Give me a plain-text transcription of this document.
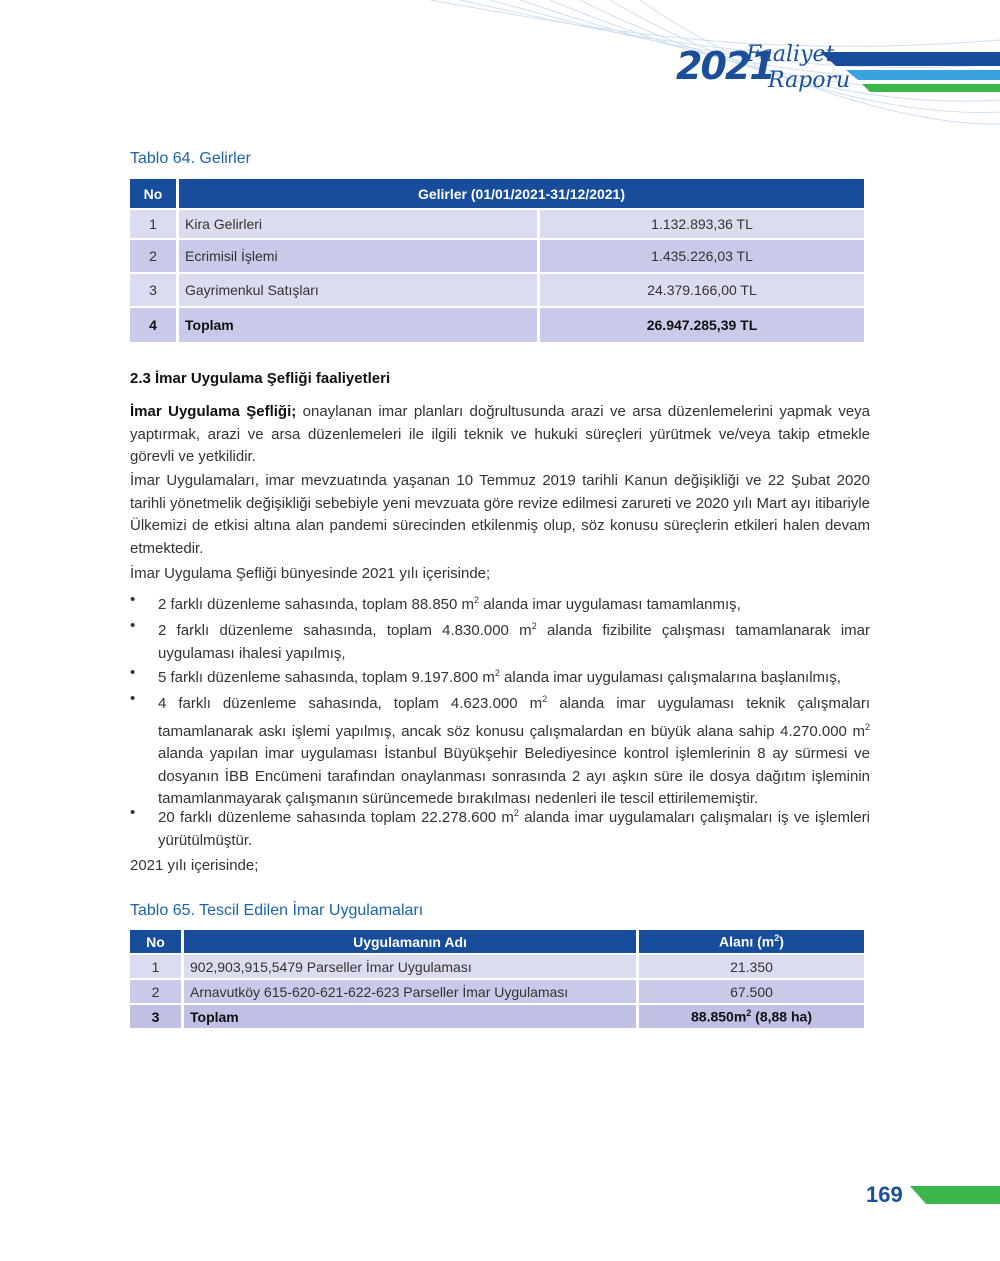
2021
Faaliyet
Raporu
Tablo 64. Gelirler
No	Gelirler (01/01/2021-31/12/2021)	
1	Kira Gelirleri	1.132.893,36 TL
2	Ecrimisil İşlemi	1.435.226,03 TL
3	Gayrimenkul Satışları	24.379.166,00 TL
4	Toplam	26.947.285,39 TL
2.3 İmar Uygulama Şefliği faaliyetleri
İmar Uygulama Şefliği; onaylanan imar planları doğrultusunda arazi ve arsa düzenlemelerini yapmak veya yaptırmak, arazi ve arsa düzenlemeleri ile ilgili teknik ve hukuki süreçleri yürütmek ve/veya takip etmekle görevli ve yetkilidir.
İmar Uygulamaları, imar mevzuatında yaşanan 10 Temmuz 2019 tarihli Kanun değişikliği ve 22 Şubat 2020 tarihli yönetmelik değişikliği sebebiyle yeni mevzuata göre revize edilmesi zarureti ve 2020 yılı Mart ayı itibariyle Ülkemizi de etkisi altına alan pandemi sürecinden etkilenmiş olup, söz konusu süreçlerin etkileri halen devam etmektedir.
İmar Uygulama Şefliği bünyesinde 2021 yılı içerisinde;
• 2 farklı düzenleme sahasında, toplam 88.850 $m^2$ alanda imar uygulaması tamamlanmış,
• 2 farklı düzenleme sahasında, toplam 4.830.000 $m^2$ alanda fizibilite çalışması tamamlanarak imar uygulaması ihalesi yapılmış,
• 5 farklı düzenleme sahasında, toplam 9.197.800 $m^2$ alanda imar uygulaması çalışmalarına başlanılmış,
• 4 farklı düzenleme sahasında, toplam 4.623.000 $m^2$ alanda imar uygulaması teknik çalışmaları tamamlanarak askı işlemi yapılmış, ancak söz konusu çalışmalardan en büyük alana sahip 4.270.000 $m^2$ alanda yapılan imar uygulaması İstanbul Büyükşehir Belediyesince kontrol işlemlerinin 8 ay sürmesi ve dosyanın İBB Encümeni tarafından onaylanması sonrasında 2 ayı aşkın süre ile dosya dağıtım işleminin tamamlanmayarak çalışmanın sürüncemede bırakılması nedenleri ile tescil ettirilememiştir.
• 20 farklı düzenleme sahasında toplam 22.278.600 $m^2$ alanda imar uygulamaları çalışmaları iş ve işlemleri yürütülmüştür.
2021 yılı içerisinde;
Tablo 65. Tescil Edilen İmar Uygulamaları
No	Uygulamanın Adı	Alanı $(m^2)$
1	902,903,915,5479 Parseller İmar Uygulaması	21.350
2	Arnavutköy 615-620-621-622-623 Parseller İmar Uygulaması	67.500
3	Toplam	$88.850m^2$ (8,88 ha)
169
